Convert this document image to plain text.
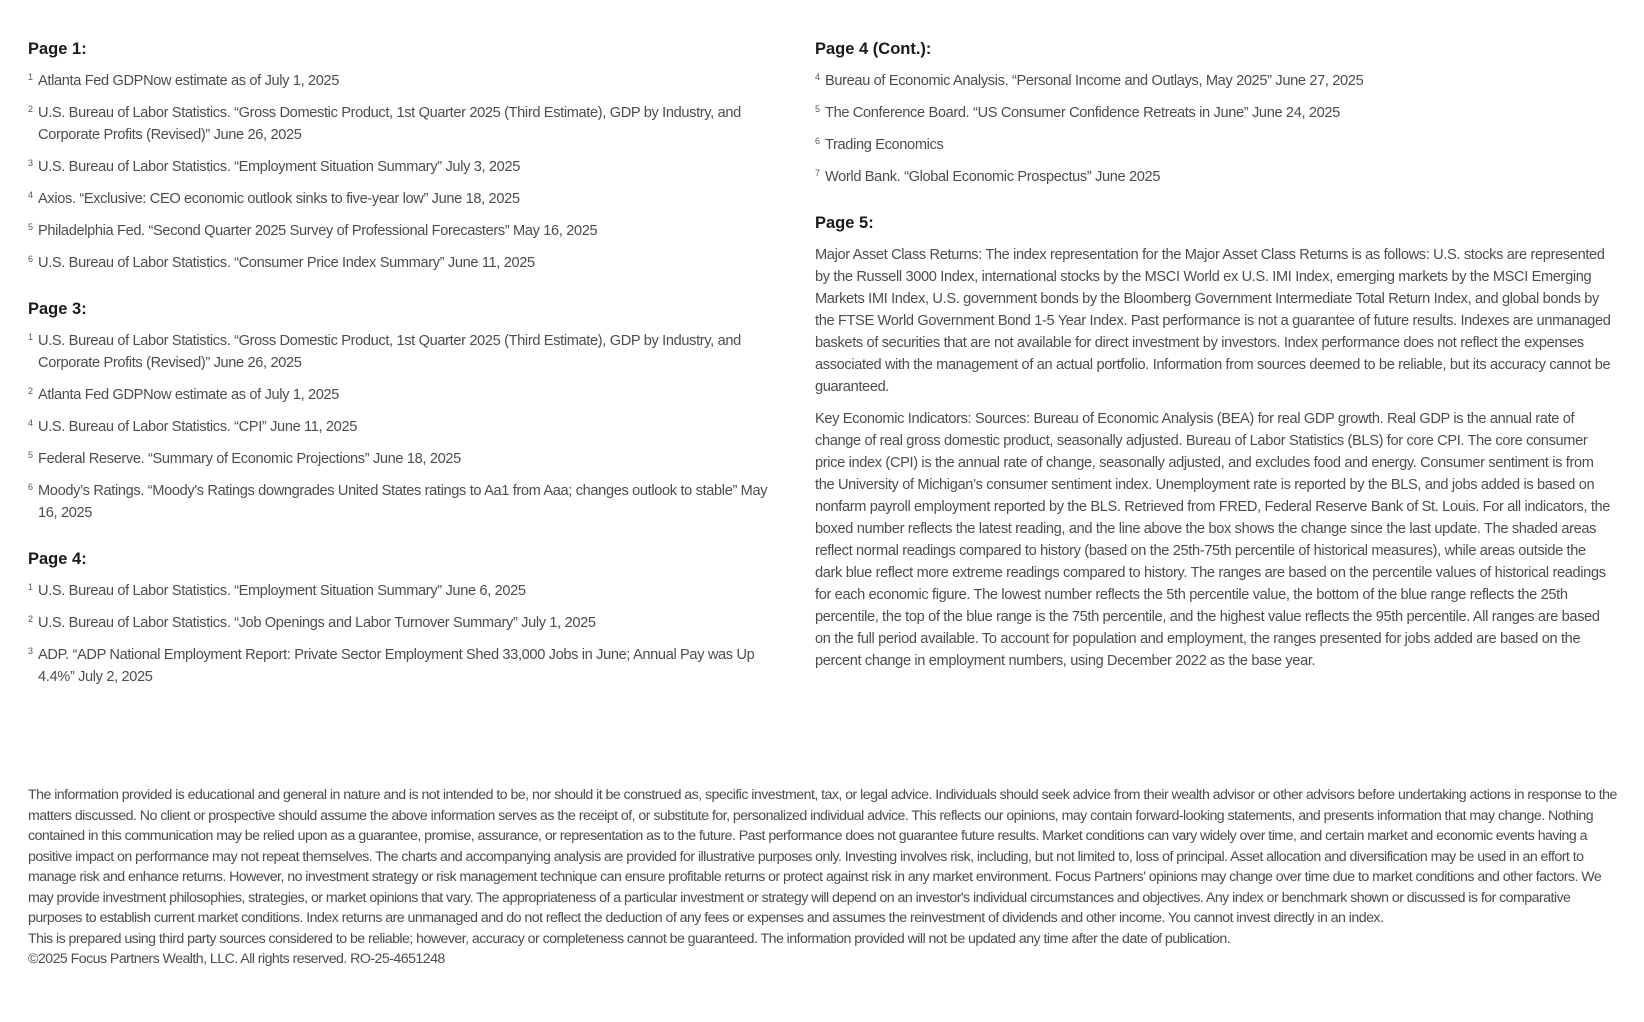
Page 1:
1 Atlanta Fed GDPNow estimate as of July 1, 2025
2 U.S. Bureau of Labor Statistics. “Gross Domestic Product, 1st Quarter 2025 (Third Estimate), GDP by Industry, and Corporate Profits (Revised)” June 26, 2025
3 U.S. Bureau of Labor Statistics. “Employment Situation Summary” July 3, 2025
4 Axios. “Exclusive: CEO economic outlook sinks to five-year low” June 18, 2025
5 Philadelphia Fed. “Second Quarter 2025 Survey of Professional Forecasters” May 16, 2025
6 U.S. Bureau of Labor Statistics. “Consumer Price Index Summary” June 11, 2025
Page 3:
1 U.S. Bureau of Labor Statistics. “Gross Domestic Product, 1st Quarter 2025 (Third Estimate), GDP by Industry, and Corporate Profits (Revised)” June 26, 2025
2 Atlanta Fed GDPNow estimate as of July 1, 2025
4 U.S. Bureau of Labor Statistics. “CPI” June 11, 2025
5 Federal Reserve. “Summary of Economic Projections” June 18, 2025
6 Moody’s Ratings. “Moody's Ratings downgrades United States ratings to Aa1 from Aaa; changes outlook to stable” May 16, 2025
Page 4:
1 U.S. Bureau of Labor Statistics. “Employment Situation Summary” June 6, 2025
2 U.S. Bureau of Labor Statistics. “Job Openings and Labor Turnover Summary” July 1, 2025
3 ADP. “ADP National Employment Report: Private Sector Employment Shed 33,000 Jobs in June; Annual Pay was Up 4.4%” July 2, 2025
Page 4 (Cont.):
4 Bureau of Economic Analysis. “Personal Income and Outlays, May 2025” June 27, 2025
5 The Conference Board. “US Consumer Confidence Retreats in June” June 24, 2025
6 Trading Economics
7 World Bank. “Global Economic Prospectus” June 2025
Page 5:

Major Asset Class Returns: The index representation for the Major Asset Class Returns is as follows: U.S. stocks are represented by the Russell 3000 Index, international stocks by the MSCI World ex U.S. IMI Index, emerging markets by the MSCI Emerging Markets IMI Index, U.S. government bonds by the Bloomberg Government Intermediate Total Return Index, and global bonds by the FTSE World Government Bond 1-5 Year Index. Past performance is not a guarantee of future results. Indexes are unmanaged baskets of securities that are not available for direct investment by investors. Index performance does not reflect the expenses associated with the management of an actual portfolio. Information from sources deemed to be reliable, but its accuracy cannot be guaranteed.

Key Economic Indicators: Sources: Bureau of Economic Analysis (BEA) for real GDP growth. Real GDP is the annual rate of change of real gross domestic product, seasonally adjusted. Bureau of Labor Statistics (BLS) for core CPI. The core consumer price index (CPI) is the annual rate of change, seasonally adjusted, and excludes food and energy. Consumer sentiment is from the University of Michigan’s consumer sentiment index. Unemployment rate is reported by the BLS, and jobs added is based on nonfarm payroll employment reported by the BLS. Retrieved from FRED, Federal Reserve Bank of St. Louis. For all indicators, the boxed number reflects the latest reading, and the line above the box shows the change since the last update. The shaded areas reflect normal readings compared to history (based on the 25th-75th percentile of historical measures), while areas outside the dark blue reflect more extreme readings compared to history. The ranges are based on the percentile values of historical readings for each economic figure. The lowest number reflects the 5th percentile value, the bottom of the blue range reflects the 25th percentile, the top of the blue range is the 75th percentile, and the highest value reflects the 95th percentile. All ranges are based on the full period available. To account for population and employment, the ranges presented for jobs added are based on the percent change in employment numbers, using December 2022 as the base year.

The information provided is educational and general in nature and is not intended to be, nor should it be construed as, specific investment, tax, or legal advice. Individuals should seek advice from their wealth advisor or other advisors before undertaking actions in response to the matters discussed. No client or prospective should assume the above information serves as the receipt of, or substitute for, personalized individual advice. This reflects our opinions, may contain forward-looking statements, and presents information that may change. Nothing contained in this communication may be relied upon as a guarantee, promise, assurance, or representation as to the future. Past performance does not guarantee future results. Market conditions can vary widely over time, and certain market and economic events having a positive impact on performance may not repeat themselves. The charts and accompanying analysis are provided for illustrative purposes only. Investing involves risk, including, but not limited to, loss of principal. Asset allocation and diversification may be used in an effort to manage risk and enhance returns. However, no investment strategy or risk management technique can ensure profitable returns or protect against risk in any market environment. Focus Partners' opinions may change over time due to market conditions and other factors. We may provide investment philosophies, strategies, or market opinions that vary. The appropriateness of a particular investment or strategy will depend on an investor's individual circumstances and objectives. Any index or benchmark shown or discussed is for comparative purposes to establish current market conditions. Index returns are unmanaged and do not reflect the deduction of any fees or expenses and assumes the reinvestment of dividends and other income. You cannot invest directly in an index.

This is prepared using third party sources considered to be reliable; however, accuracy or completeness cannot be guaranteed. The information provided will not be updated any time after the date of publication.

©2025 Focus Partners Wealth, LLC. All rights reserved. RO-25-4651248
